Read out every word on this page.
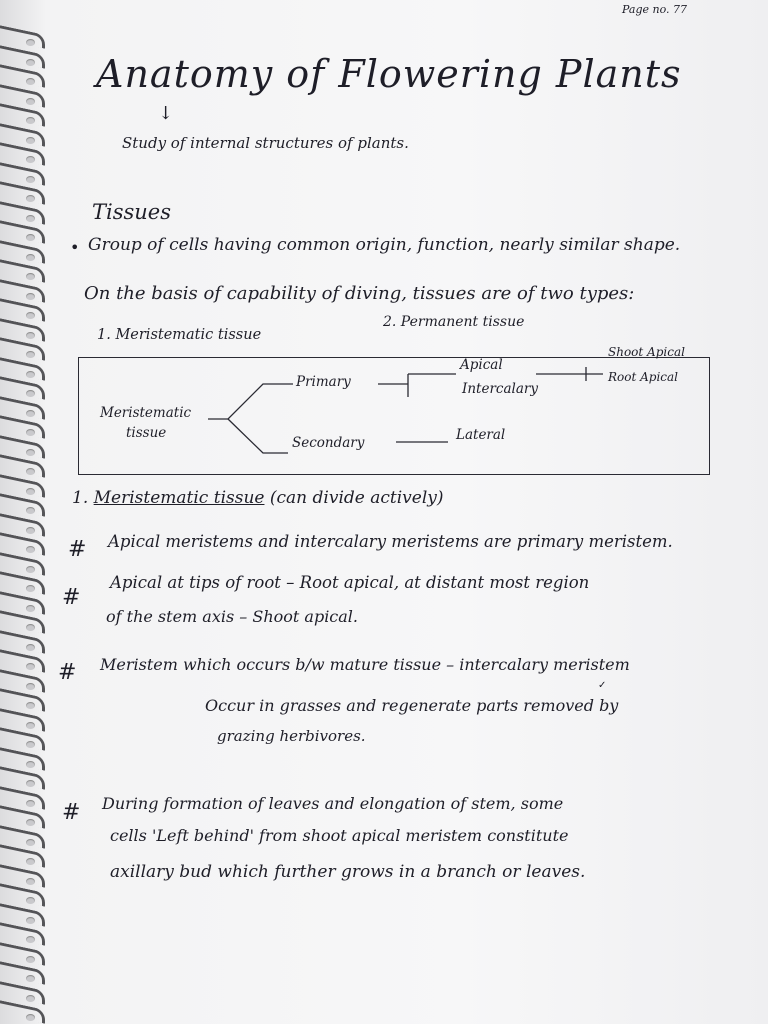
Page no. 77
Anatomy of Flowering Plants
↓
Study of internal structures of plants.
Tissues
• Group of cells having common origin, function, nearly similar shape.
On the basis of capability of diving, tissues are of two types:
1. Meristematic tissue
2. Permanent tissue
Meristematic
tissue
Primary
Apical
Intercalary
Shoot Apical
Root Apical
Secondary	Lateral
1. Meristematic tissue (can divide actively)
# Apical meristems and intercalary meristems are primary meristem.
#
Apical at tips of root – Root apical, at distant most region
of the stem axis – Shoot apical.
# Meristem which occurs b/w mature tissue – intercalary meristem
✓
Occur in grasses and regenerate parts removed by
grazing herbivores.
# During formation of leaves and elongation of stem, some
cells 'Left behind' from shoot apical meristem constitute
axillary bud which further grows in a branch or leaves.
